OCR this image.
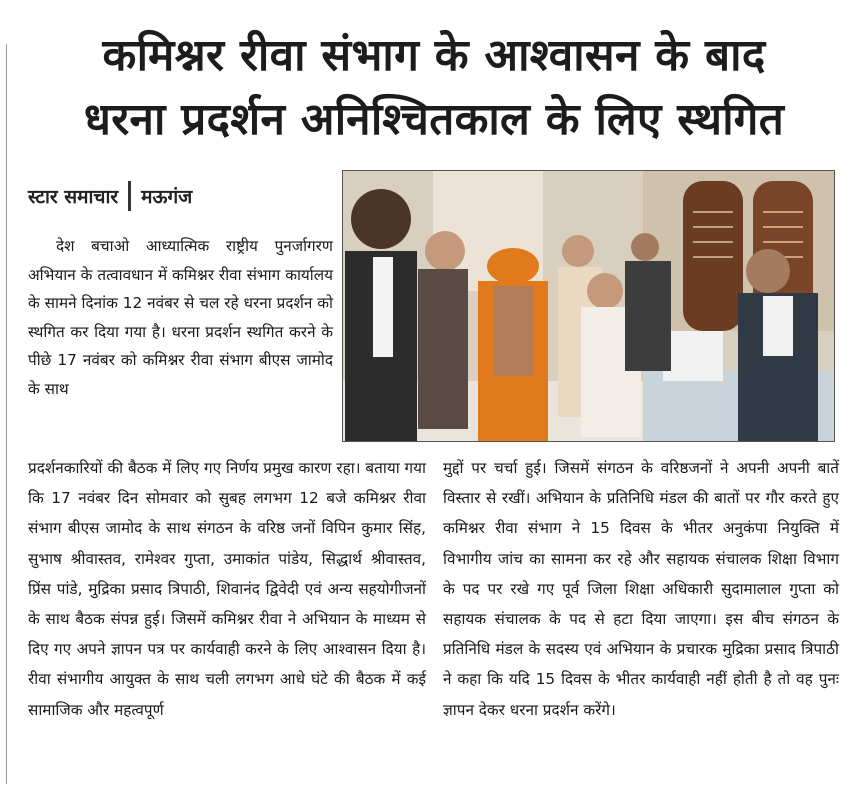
कमिश्नर रीवा संभाग के आश्वासन के बाद
धरना प्रदर्शन अनिश्चितकाल के लिए स्थगित
स्टार समाचार मऊगंज
देश बचाओ आध्यात्मिक राष्ट्रीय पुनर्जागरण अभियान के तत्वावधान में कमिश्नर रीवा संभाग कार्यालय के सामने दिनांक 12 नवंबर से चल रहे धरना प्रदर्शन को स्थगित कर दिया गया है। धरना प्रदर्शन स्थगित करने के पीछे 17 नवंबर को कमिश्नर रीवा संभाग बीएस जामोद के साथ
प्रदर्शनकारियों की बैठक में लिए गए निर्णय प्रमुख कारण रहा। बताया गया कि 17 नवंबर दिन सोमवार को सुबह लगभग 12 बजे कमिश्नर रीवा संभाग बीएस जामोद के साथ संगठन के वरिष्ठ जनों विपिन कुमार सिंह, सुभाष श्रीवास्तव, रामेश्वर गुप्ता, उमाकांत पांडेय, सिद्धार्थ श्रीवास्तव, प्रिंस पांडे, मुद्रिका प्रसाद त्रिपाठी, शिवानंद द्विवेदी एवं अन्य सहयोगीजनों के साथ बैठक संपन्न हुई। जिसमें कमिश्नर रीवा ने अभियान के माध्यम से दिए गए अपने ज्ञापन पत्र पर कार्यवाही करने के लिए आश्वासन दिया है। रीवा संभागीय आयुक्त के साथ चली लगभग आधे घंटे की बैठक में कई सामाजिक और महत्वपूर्ण
मुद्दों पर चर्चा हुई। जिसमें संगठन के वरिष्ठजनों ने अपनी अपनी बातें विस्तार से रखीं। अभियान के प्रतिनिधि मंडल की बातों पर गौर करते हुए कमिश्नर रीवा संभाग ने 15 दिवस के भीतर अनुकंपा नियुक्ति में विभागीय जांच का सामना कर रहे और सहायक संचालक शिक्षा विभाग के पद पर रखे गए पूर्व जिला शिक्षा अधिकारी सुदामालाल गुप्ता को सहायक संचालक के पद से हटा दिया जाएगा। इस बीच संगठन के प्रतिनिधि मंडल के सदस्य एवं अभियान के प्रचारक मुद्रिका प्रसाद त्रिपाठी ने कहा कि यदि 15 दिवस के भीतर कार्यवाही नहीं होती है तो वह पुनः ज्ञापन देकर धरना प्रदर्शन करेंगे।
